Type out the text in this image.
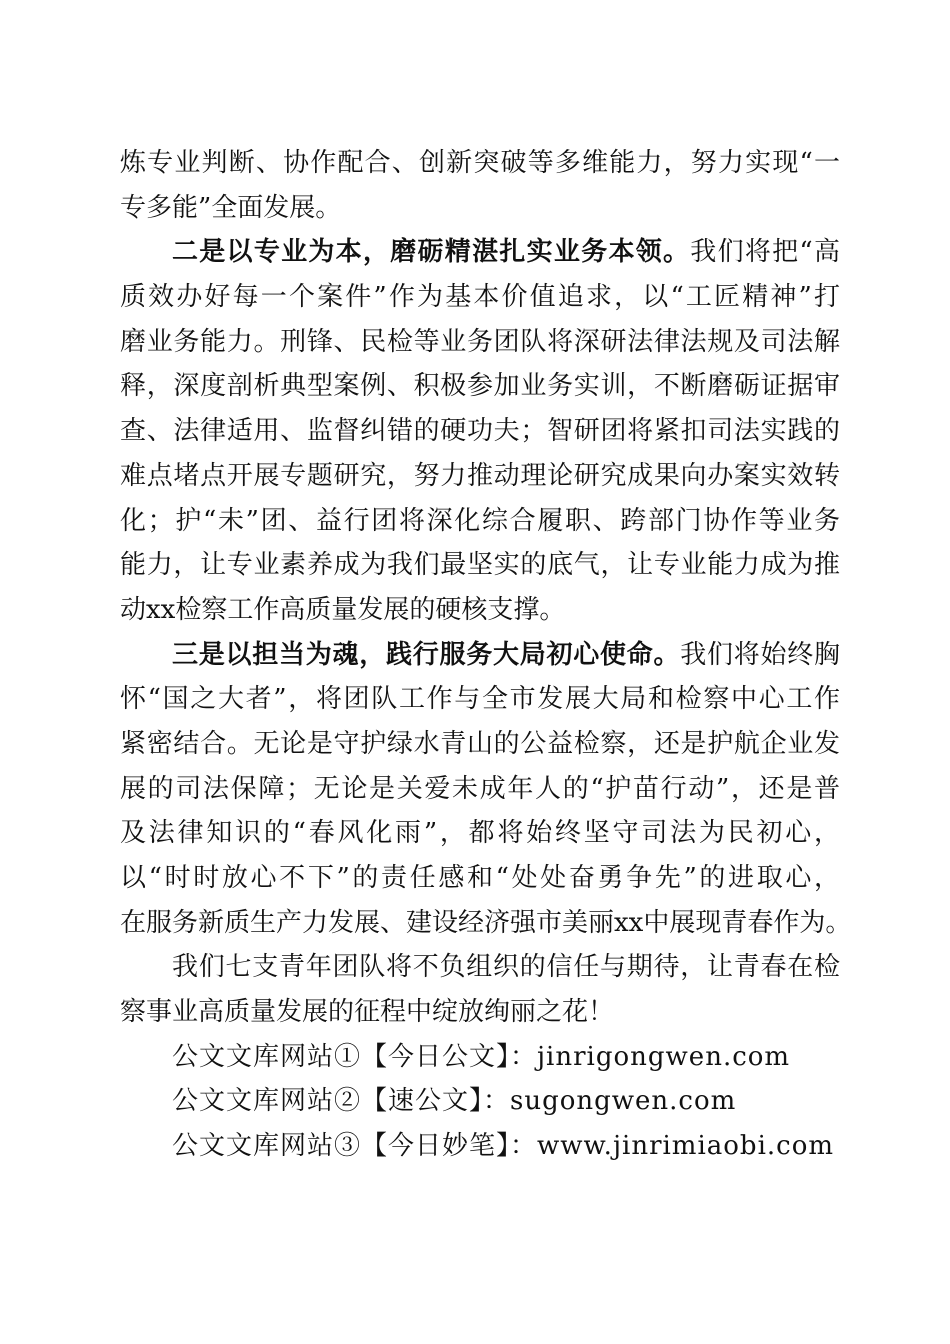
炼专业判断、协作配合、创新突破等多维能力，努力实现“一
专多能”全面发展。
二是以专业为本，磨砺精湛扎实业务本领。我们将把“高
质效办好每一个案件”作为基本价值追求，以“工匠精神”打
磨业务能力。刑锋、民检等业务团队将深研法律法规及司法解
释，深度剖析典型案例、积极参加业务实训，不断磨砺证据审
查、法律适用、监督纠错的硬功夫；智研团将紧扣司法实践的
难点堵点开展专题研究，努力推动理论研究成果向办案实效转
化；护“未”团、益行团将深化综合履职、跨部门协作等业务
能力，让专业素养成为我们最坚实的底气，让专业能力成为推
动xx检察工作高质量发展的硬核支撑。
三是以担当为魂，践行服务大局初心使命。我们将始终胸
怀“国之大者”，将团队工作与全市发展大局和检察中心工作
紧密结合。无论是守护绿水青山的公益检察，还是护航企业发
展的司法保障；无论是关爱未成年人的“护苗行动”，还是普
及法律知识的“春风化雨”，都将始终坚守司法为民初心，
以“时时放心不下”的责任感和“处处奋勇争先”的进取心，
在服务新质生产力发展、建设经济强市美丽xx中展现青春作为。
我们七支青年团队将不负组织的信任与期待，让青春在检
察事业高质量发展的征程中绽放绚丽之花！
公文文库网站①【今日公文】：jinrigongwen.com
公文文库网站②【速公文】：sugongwen.com
公文文库网站③【今日妙笔】：www.jinrimiaobi.com
